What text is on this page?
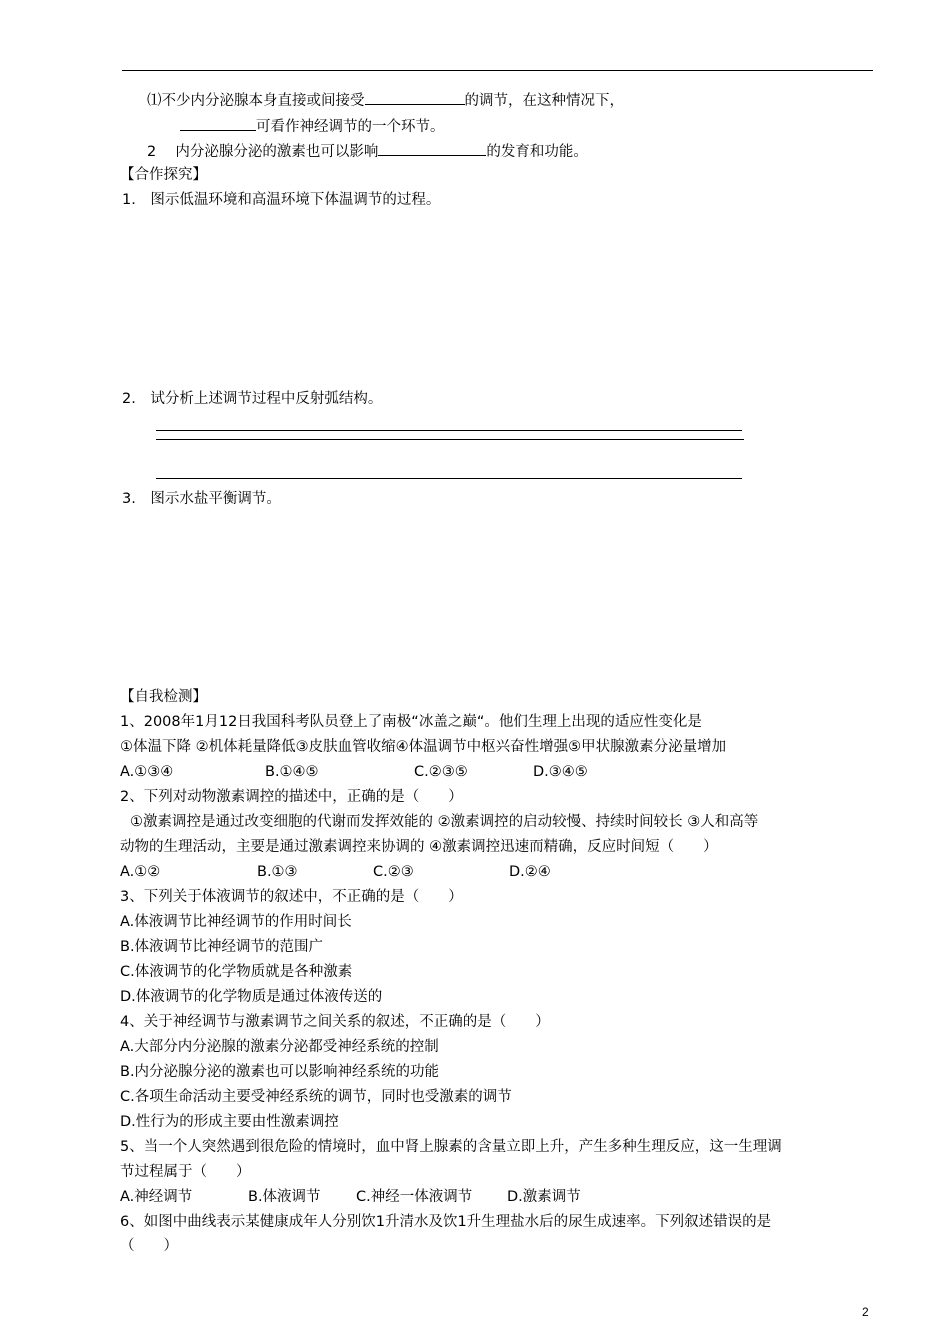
⑴不少内分泌腺本身直接或间接受	的调节，在这种情况下，
可看作神经调节的一个环节。
2　 内分泌腺分泌的激素也可以影响	的发育和功能。
【合作探究】
1.　图示低温环境和高温环境下体温调节的过程。
2.　试分析上述调节过程中反射弧结构。
3.　图示水盐平衡调节。
【自我检测】
1、2008年1月12日我国科考队员登上了南极“冰盖之巅“。他们生理上出现的适应性变化是
①体温下降 ②机体耗量降低③皮肤血管收缩④体温调节中枢兴奋性增强⑤甲状腺激素分泌量增加
A.①③④	B.①④⑤	C.②③⑤	D.③④⑤
2、下列对动物激素调控的描述中，正确的是（　　）
①激素调控是通过改变细胞的代谢而发挥效能的 ②激素调控的启动较慢、持续时间较长 ③人和高等
动物的生理活动，主要是通过激素调控来协调的 ④激素调控迅速而精确，反应时间短（　　）
A.①②	B.①③	C.②③	D.②④
3、下列关于体液调节的叙述中，不正确的是（　　）
A.体液调节比神经调节的作用时间长
B.体液调节比神经调节的范围广
C.体液调节的化学物质就是各种激素
D.体液调节的化学物质是通过体液传送的
4、关于神经调节与激素调节之间关系的叙述，不正确的是（　　）
A.大部分内分泌腺的激素分泌都受神经系统的控制
B.内分泌腺分泌的激素也可以影响神经系统的功能
C.各项生命活动主要受神经系统的调节，同时也受激素的调节
D.性行为的形成主要由性激素调控
5、当一个人突然遇到很危险的情境时，血中肾上腺素的含量立即上升，产生多种生理反应，这一生理调
节过程属于（　　）
A.神经调节	B.体液调节 C.神经一体液调节 D.激素调节
6、如图中曲线表示某健康成年人分别饮1升清水及饮1升生理盐水后的尿生成速率。下列叙述错误的是
（　　）
2
